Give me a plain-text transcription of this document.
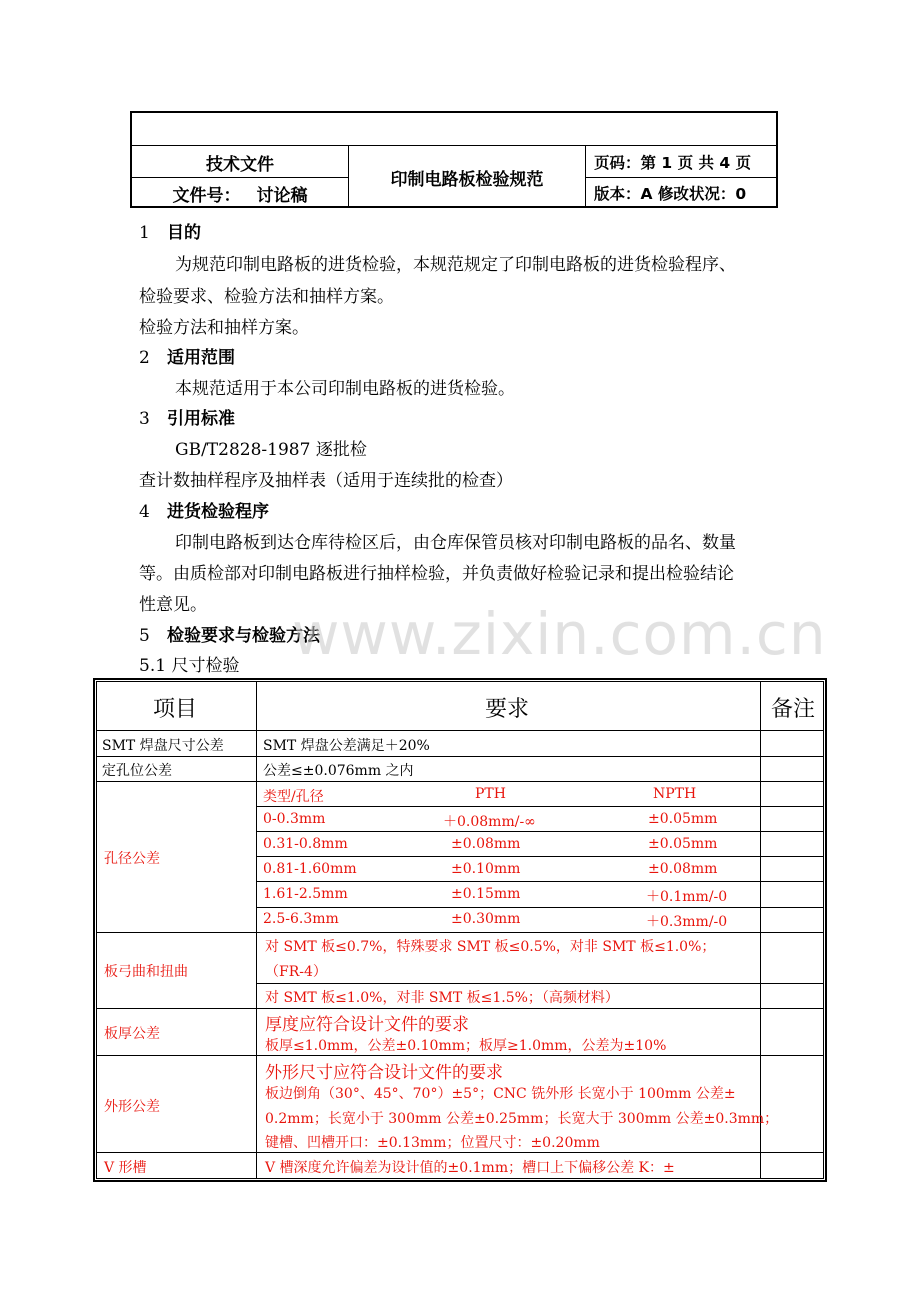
技术文件
文件号： 讨论稿
印制电路板检验规范
页码：第 1 页 共 4 页
版本：A 修改状况：0
1 目的
为规范印制电路板的进货检验，本规范规定了印制电路板的进货检验程序、
检验要求、检验方法和抽样方案。
检验方法和抽样方案。
2 适用范围
本规范适用于本公司印制电路板的进货检验。
3 引用标准
GB/T2828-1987 逐批检
查计数抽样程序及抽样表（适用于连续批的检查）
4 进货检验程序
印制电路板到达仓库待检区后，由仓库保管员核对印制电路板的品名、数量
等。由质检部对印制电路板进行抽样检验，并负责做好检验记录和提出检验结论
性意见。
5 检验要求与检验方法
5.1 尺寸检验
项目	要求	备注
SMT 焊盘尺寸公差	SMT 焊盘公差满足＋20%
定孔位公差	公差≤±0.076mm 之内
孔径公差
类型/孔径	PTH	NPTH
0-0.3mm	＋0.08mm/-∞	±0.05mm
0.31-0.8mm	±0.08mm	±0.05mm
0.81-1.60mm	±0.10mm	±0.08mm
1.61-2.5mm	±0.15mm	＋0.1mm/-0
2.5-6.3mm	±0.30mm	＋0.3mm/-0
板弓曲和扭曲
对 SMT 板≤0.7%，特殊要求 SMT 板≤0.5%，对非 SMT 板≤1.0%；
（FR-4）
对 SMT 板≤1.0%，对非 SMT 板≤1.5%；（高频材料）
板厚公差	厚度应符合设计文件的要求
板厚≤1.0mm，公差±0.10mm；板厚≥1.0mm，公差为±10%
外形公差
外形尺寸应符合设计文件的要求
板边倒角（30°、45°、70°）±5°；CNC 铣外形 长宽小于 100mm 公差±
0.2mm；长宽小于 300mm 公差±0.25mm；长宽大于 300mm 公差±0.3mm；
键槽、凹槽开口：±0.13mm；位置尺寸：±0.20mm
V 形槽	V 槽深度允许偏差为设计值的±0.1mm；槽口上下偏移公差 K：±
www.zixin.com.cn
